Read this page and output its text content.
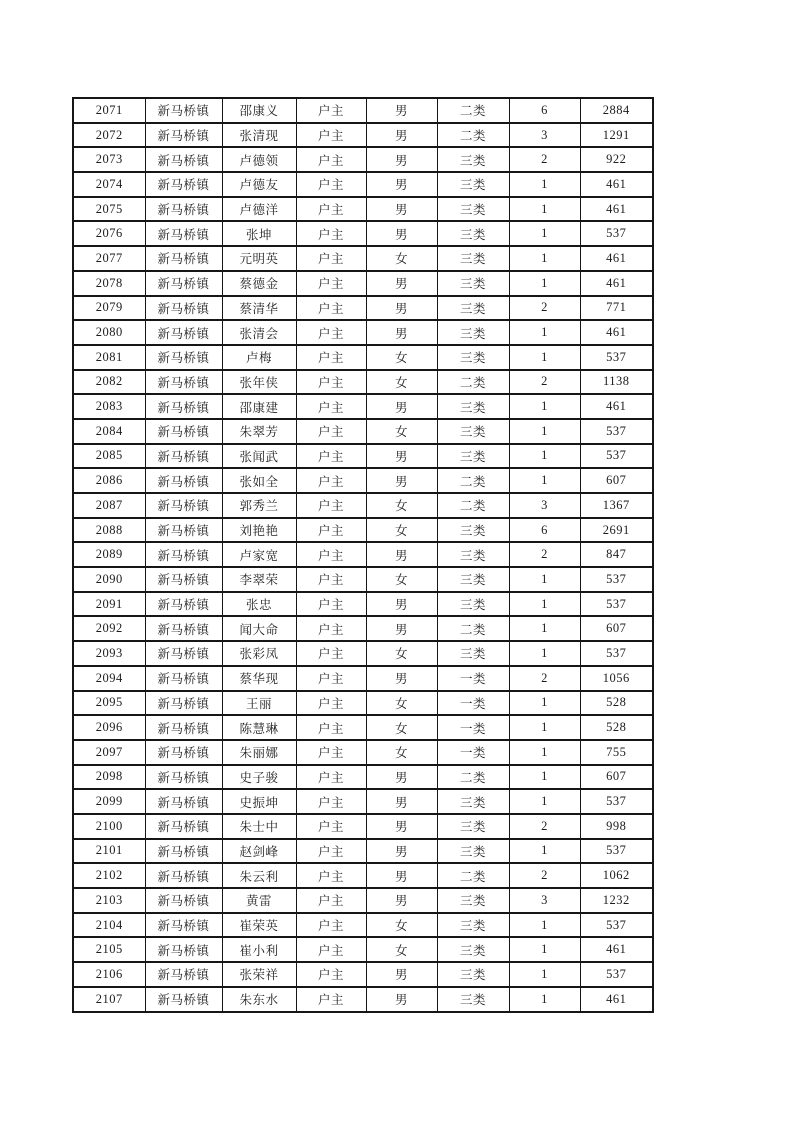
2071	新马桥镇	邵康义	户主	男	二类	6	2884
2072	新马桥镇	张清现	户主	男	二类	3	1291
2073	新马桥镇	卢德领	户主	男	三类	2	922
2074	新马桥镇	卢德友	户主	男	三类	1	461
2075	新马桥镇	卢德洋	户主	男	三类	1	461
2076	新马桥镇	张坤	户主	男	三类	1	537
2077	新马桥镇	元明英	户主	女	三类	1	461
2078	新马桥镇	蔡德金	户主	男	三类	1	461
2079	新马桥镇	蔡清华	户主	男	三类	2	771
2080	新马桥镇	张清会	户主	男	三类	1	461
2081	新马桥镇	卢梅	户主	女	三类	1	537
2082	新马桥镇	张年侠	户主	女	二类	2	1138
2083	新马桥镇	邵康建	户主	男	三类	1	461
2084	新马桥镇	朱翠芳	户主	女	三类	1	537
2085	新马桥镇	张闻武	户主	男	三类	1	537
2086	新马桥镇	张如全	户主	男	二类	1	607
2087	新马桥镇	郭秀兰	户主	女	二类	3	1367
2088	新马桥镇	刘艳艳	户主	女	三类	6	2691
2089	新马桥镇	卢家宽	户主	男	三类	2	847
2090	新马桥镇	李翠荣	户主	女	三类	1	537
2091	新马桥镇	张忠	户主	男	三类	1	537
2092	新马桥镇	闻大命	户主	男	二类	1	607
2093	新马桥镇	张彩凤	户主	女	三类	1	537
2094	新马桥镇	蔡华现	户主	男	一类	2	1056
2095	新马桥镇	王丽	户主	女	一类	1	528
2096	新马桥镇	陈慧琳	户主	女	一类	1	528
2097	新马桥镇	朱丽娜	户主	女	一类	1	755
2098	新马桥镇	史子骏	户主	男	二类	1	607
2099	新马桥镇	史振坤	户主	男	三类	1	537
2100	新马桥镇	朱士中	户主	男	三类	2	998
2101	新马桥镇	赵剑峰	户主	男	三类	1	537
2102	新马桥镇	朱云利	户主	男	二类	2	1062
2103	新马桥镇	黄雷	户主	男	三类	3	1232
2104	新马桥镇	崔荣英	户主	女	三类	1	537
2105	新马桥镇	崔小利	户主	女	三类	1	461
2106	新马桥镇	张荣祥	户主	男	三类	1	537
2107	新马桥镇	朱东水	户主	男	三类	1	461
